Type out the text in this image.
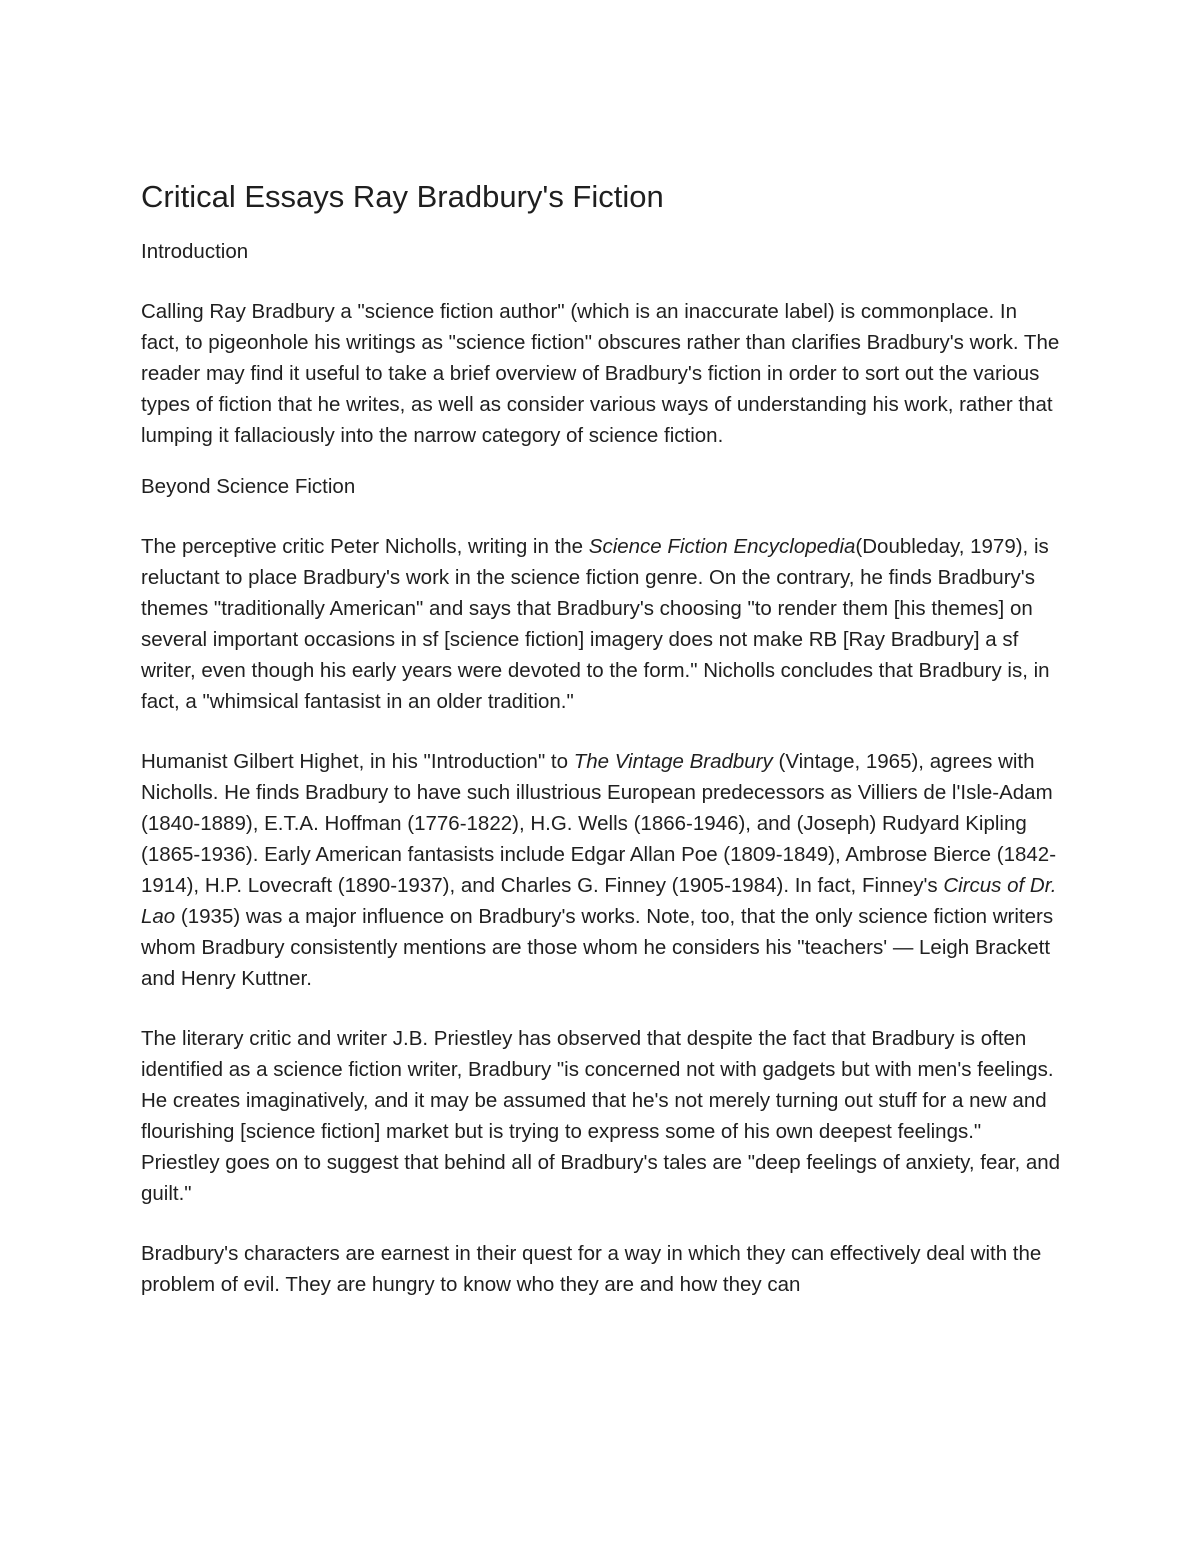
Critical Essays Ray Bradbury's Fiction

Introduction

Calling Ray Bradbury a "science fiction author" (which is an inaccurate label) is commonplace. In fact, to pigeonhole his writings as "science fiction" obscures rather than clarifies Bradbury's work. The reader may find it useful to take a brief overview of Bradbury's fiction in order to sort out the various types of fiction that he writes, as well as consider various ways of understanding his work, rather that lumping it fallaciously into the narrow category of science fiction.

Beyond Science Fiction

The perceptive critic Peter Nicholls, writing in the Science Fiction Encyclopedia(Doubleday, 1979), is reluctant to place Bradbury's work in the science fiction genre. On the contrary, he finds Bradbury's themes "traditionally American" and says that Bradbury's choosing "to render them [his themes] on several important occasions in sf [science fiction] imagery does not make RB [Ray Bradbury] a sf writer, even though his early years were devoted to the form." Nicholls concludes that Bradbury is, in fact, a "whimsical fantasist in an older tradition."

Humanist Gilbert Highet, in his "Introduction" to The Vintage Bradbury (Vintage, 1965), agrees with Nicholls. He finds Bradbury to have such illustrious European predecessors as Villiers de l'Isle-Adam (1840-1889), E.T.A. Hoffman (1776-1822), H.G. Wells (1866-1946), and (Joseph) Rudyard Kipling (1865-1936). Early American fantasists include Edgar Allan Poe (1809-1849), Ambrose Bierce (1842-1914), H.P. Lovecraft (1890-1937), and Charles G. Finney (1905-1984). In fact, Finney's Circus of Dr. Lao (1935) was a major influence on Bradbury's works. Note, too, that the only science fiction writers whom Bradbury consistently mentions are those whom he considers his "teachers' — Leigh Brackett and Henry Kuttner.

The literary critic and writer J.B. Priestley has observed that despite the fact that Bradbury is often identified as a science fiction writer, Bradbury "is concerned not with gadgets but with men's feelings. He creates imaginatively, and it may be assumed that he's not merely turning out stuff for a new and flourishing [science fiction] market but is trying to express some of his own deepest feelings." Priestley goes on to suggest that behind all of Bradbury's tales are "deep feelings of anxiety, fear, and guilt."

Bradbury's characters are earnest in their quest for a way in which they can effectively deal with the problem of evil. They are hungry to know who they are and how they can
